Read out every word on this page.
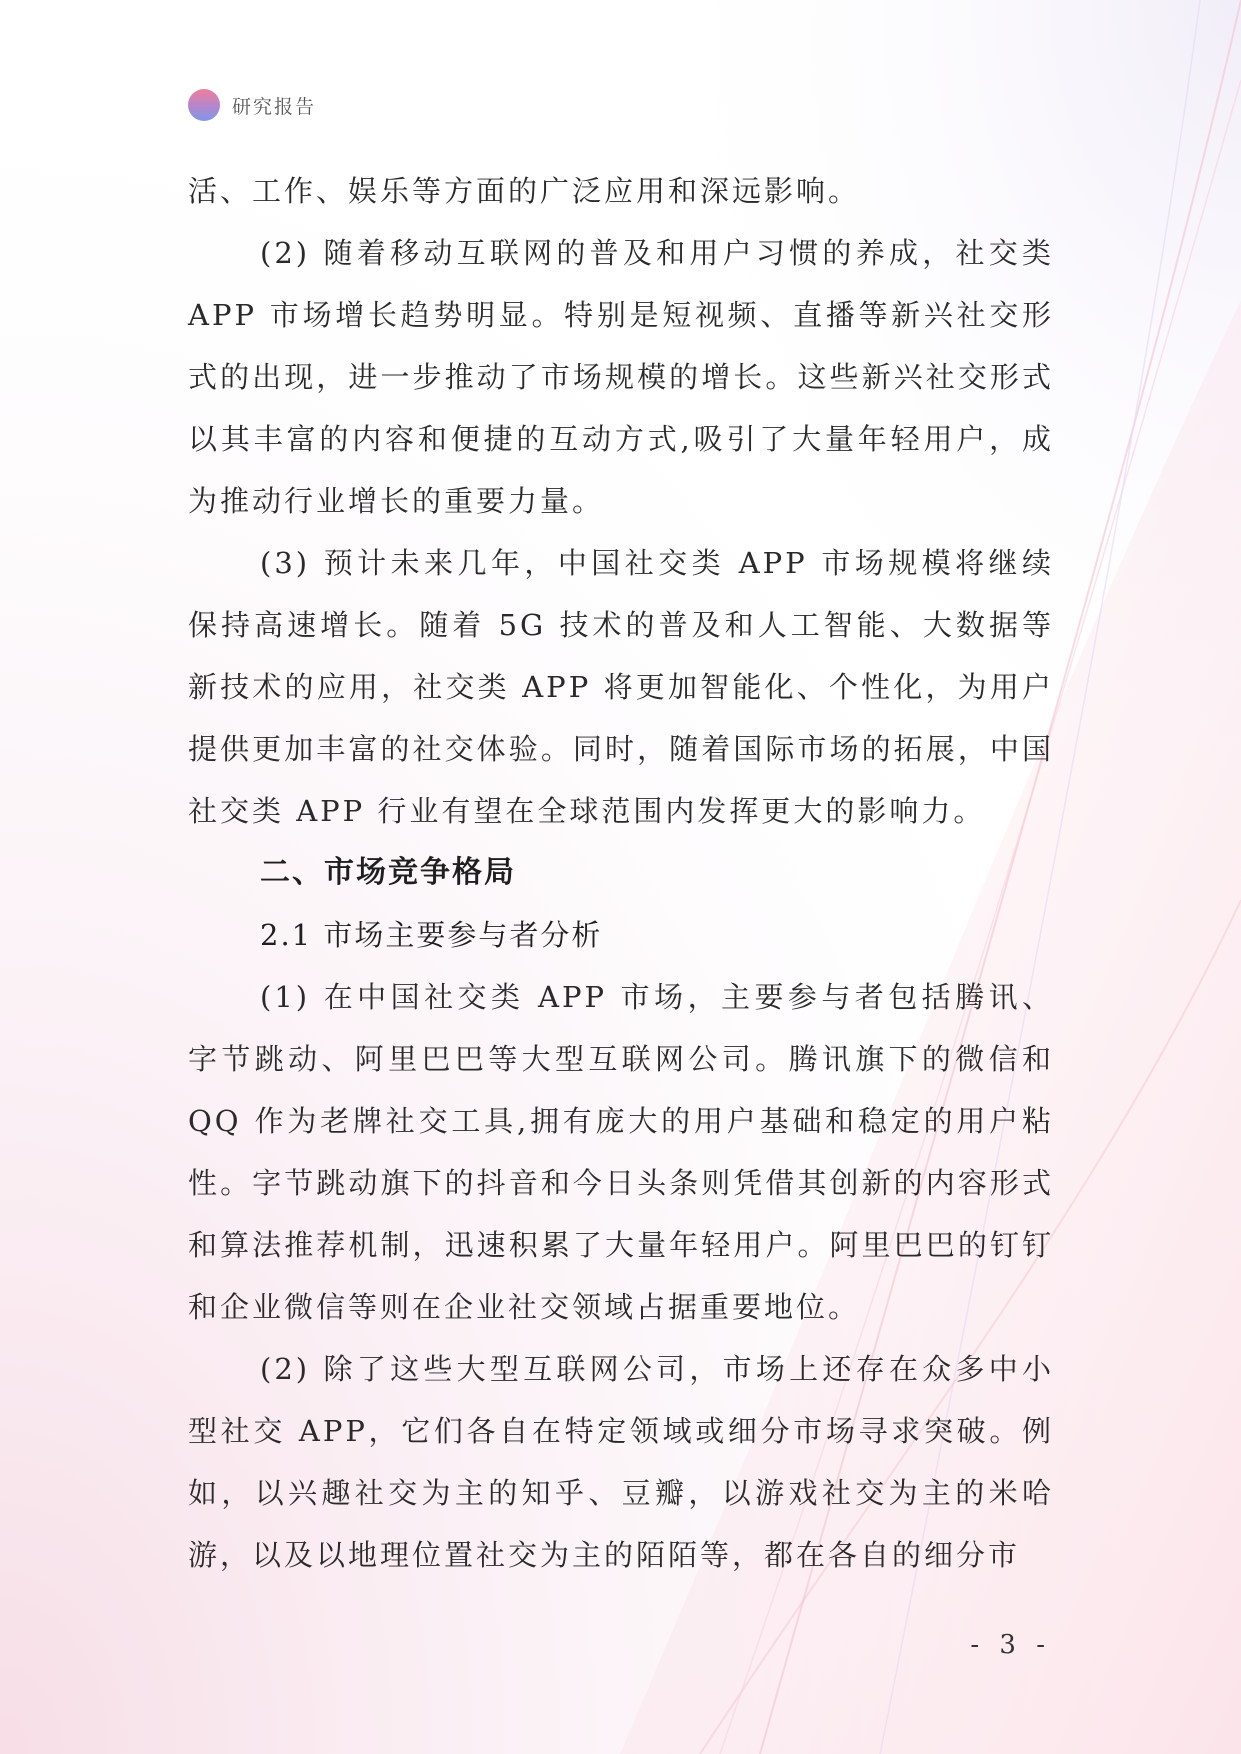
研究报告

活、工作、娱乐等方面的广泛应用和深远影响。

(2) 随着移动互联网的普及和用户习惯的养成，社交类APP 市场增长趋势明显。特别是短视频、直播等新兴社交形式的出现，进一步推动了市场规模的增长。这些新兴社交形式以其丰富的内容和便捷的互动方式,吸引了大量年轻用户，成为推动行业增长的重要力量。

(3) 预计未来几年，中国社交类 APP 市场规模将继续保持高速增长。随着 5G 技术的普及和人工智能、大数据等新技术的应用，社交类 APP 将更加智能化、个性化，为用户提供更加丰富的社交体验。同时，随着国际市场的拓展，中国社交类 APP 行业有望在全球范围内发挥更大的影响力。

二、市场竞争格局

2.1 市场主要参与者分析

(1) 在中国社交类 APP 市场，主要参与者包括腾讯、字节跳动、阿里巴巴等大型互联网公司。腾讯旗下的微信和 QQ 作为老牌社交工具,拥有庞大的用户基础和稳定的用户粘性。字节跳动旗下的抖音和今日头条则凭借其创新的内容形式和算法推荐机制，迅速积累了大量年轻用户。阿里巴巴的钉钉和企业微信等则在企业社交领域占据重要地位。

(2) 除了这些大型互联网公司，市场上还存在众多中小型社交 APP，它们各自在特定领域或细分市场寻求突破。例如，以兴趣社交为主的知乎、豆瓣，以游戏社交为主的米哈游，以及以地理位置社交为主的陌陌等，都在各自的细分市

- 3 -
